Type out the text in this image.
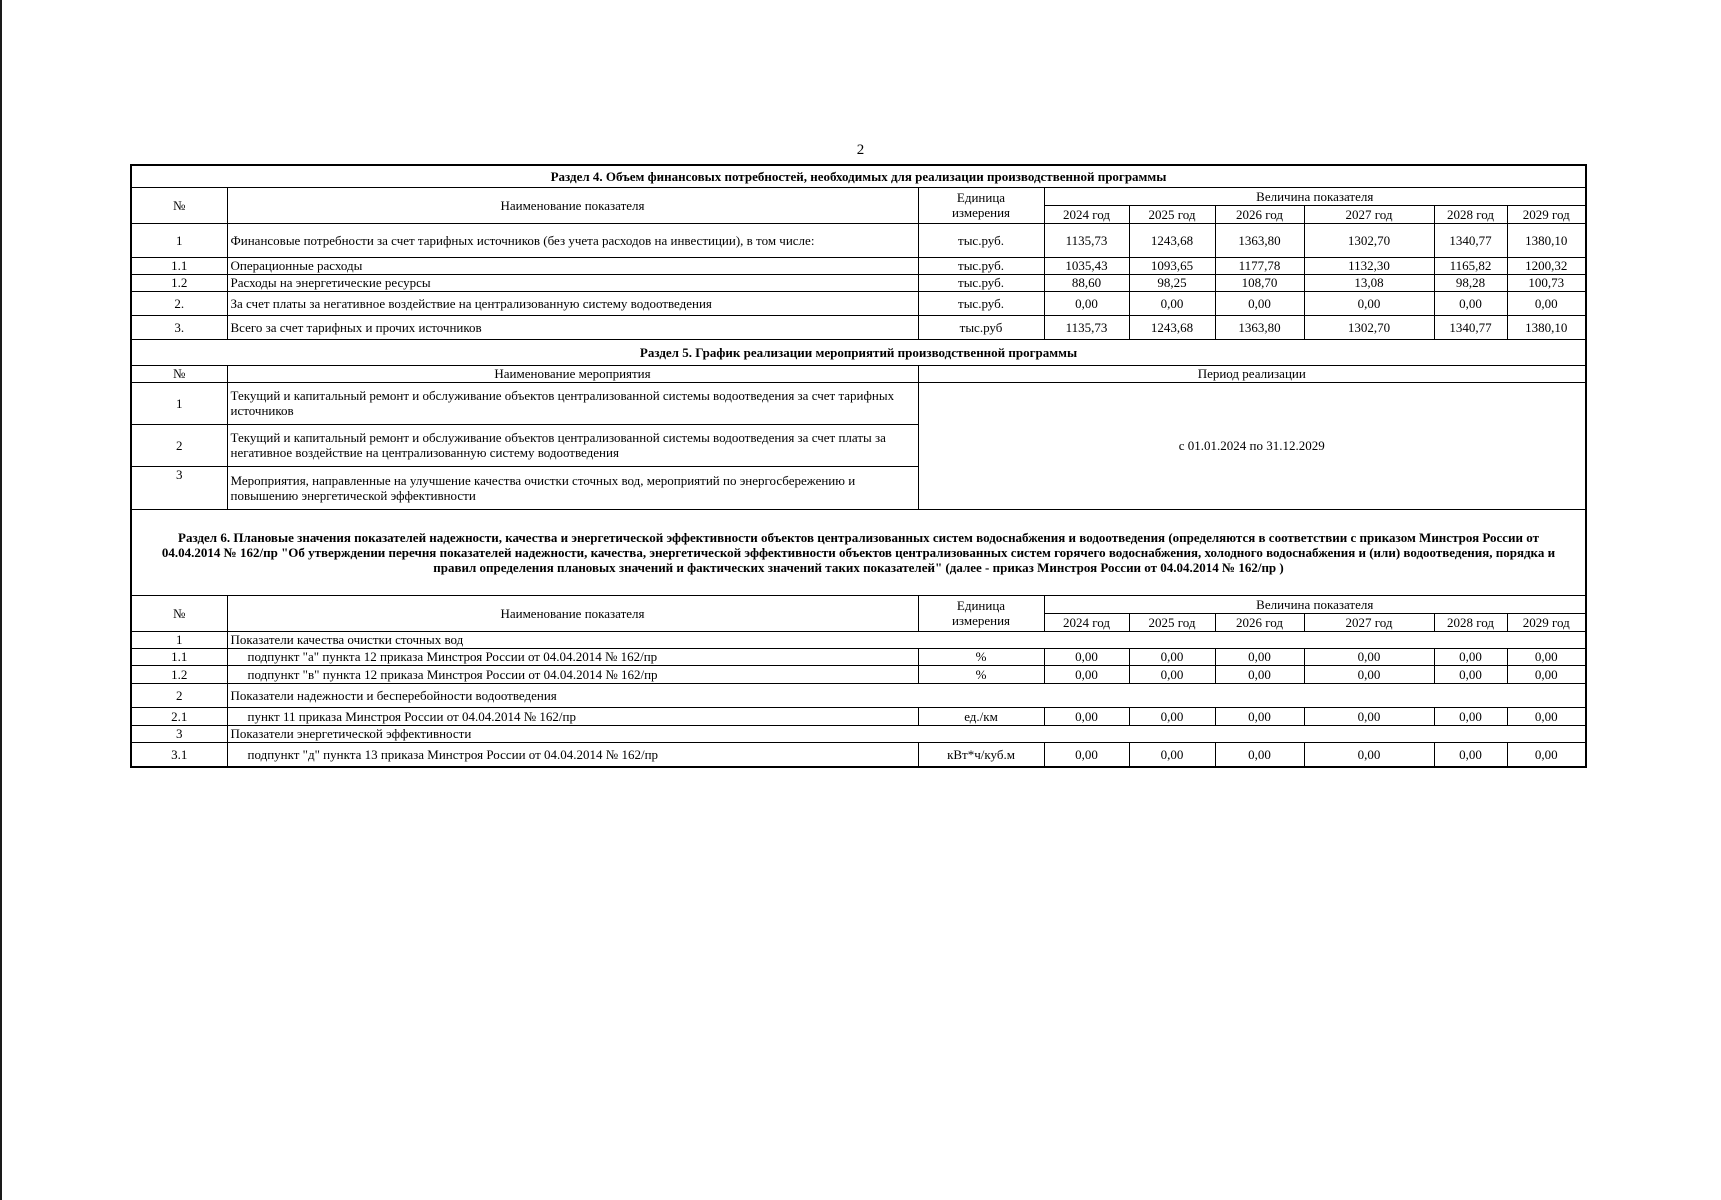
2
Раздел 4. Объем финансовых потребностей, необходимых для реализации производственной программы								
№	Наименование показателя	Единица
измерения	Величина показателя					
			2024 год	2025 год	2026 год	2027 год	2028 год	2029 год
1	Финансовые потребности за счет тарифных источников (без учета расходов на инвестиции), в том числе:	тыс.руб.	1135,73	1243,68	1363,80	1302,70	1340,77	1380,10
1.1	Операционные расходы	тыс.руб.	1035,43	1093,65	1177,78	1132,30	1165,82	1200,32
1.2	Расходы на энергетические ресурсы	тыс.руб.	88,60	98,25	108,70	13,08	98,28	100,73
2.	За счет платы за негативное воздействие на централизованную систему водоотведения	тыс.руб.	0,00	0,00	0,00	0,00	0,00	0,00
3.	Всего за счет тарифных и прочих источников	тыс.руб	1135,73	1243,68	1363,80	1302,70	1340,77	1380,10
Раздел 5. График реализации мероприятий производственной программы								
№	Наименование мероприятия	Период реализации						
1	Текущий и капитальный ремонт и обслуживание объектов централизованной системы водоотведения за счет тарифных источников	с 01.01.2024 по 31.12.2029						
2	Текущий и капитальный ремонт и обслуживание объектов централизованной системы водоотведения за счет платы за негативное воздействие на централизованную систему водоотведения							
3	Мероприятия, направленные на улучшение качества очистки сточных вод, мероприятий по энергосбережению и повышению энергетической эффективности							
Раздел 6. Плановые значения показателей надежности, качества и энергетической эффективности объектов централизованных систем водоснабжения и водоотведения (определяются в соответствии с приказом Минстроя России от 04.04.2014 № 162/пр "Об утверждении перечня показателей надежности, качества, энергетической эффективности объектов централизованных систем горячего водоснабжения, холодного водоснабжения и (или) водоотведения, порядка и правил определения плановых значений и фактических значений таких показателей" (далее - приказ Минстроя России от 04.04.2014 № 162/пр )								
№	Наименование показателя	Единица
измерения	Величина показателя					
			2024 год	2025 год	2026 год	2027 год	2028 год	2029 год
1	Показатели качества очистки сточных вод							
1.1	подпункт "а" пункта 12 приказа Минстроя России от 04.04.2014 № 162/пр	%	0,00	0,00	0,00	0,00	0,00	0,00
1.2	подпункт "в" пункта 12 приказа Минстроя России от 04.04.2014 № 162/пр	%	0,00	0,00	0,00	0,00	0,00	0,00
2	Показатели надежности и бесперебойности водоотведения							
2.1	пункт 11 приказа Минстроя России от 04.04.2014 № 162/пр	ед./км	0,00	0,00	0,00	0,00	0,00	0,00
3	Показатели энергетической эффективности							
3.1	подпункт "д" пункта 13 приказа Минстроя России от 04.04.2014 № 162/пр	кВт*ч/куб.м	0,00	0,00	0,00	0,00	0,00	0,00
